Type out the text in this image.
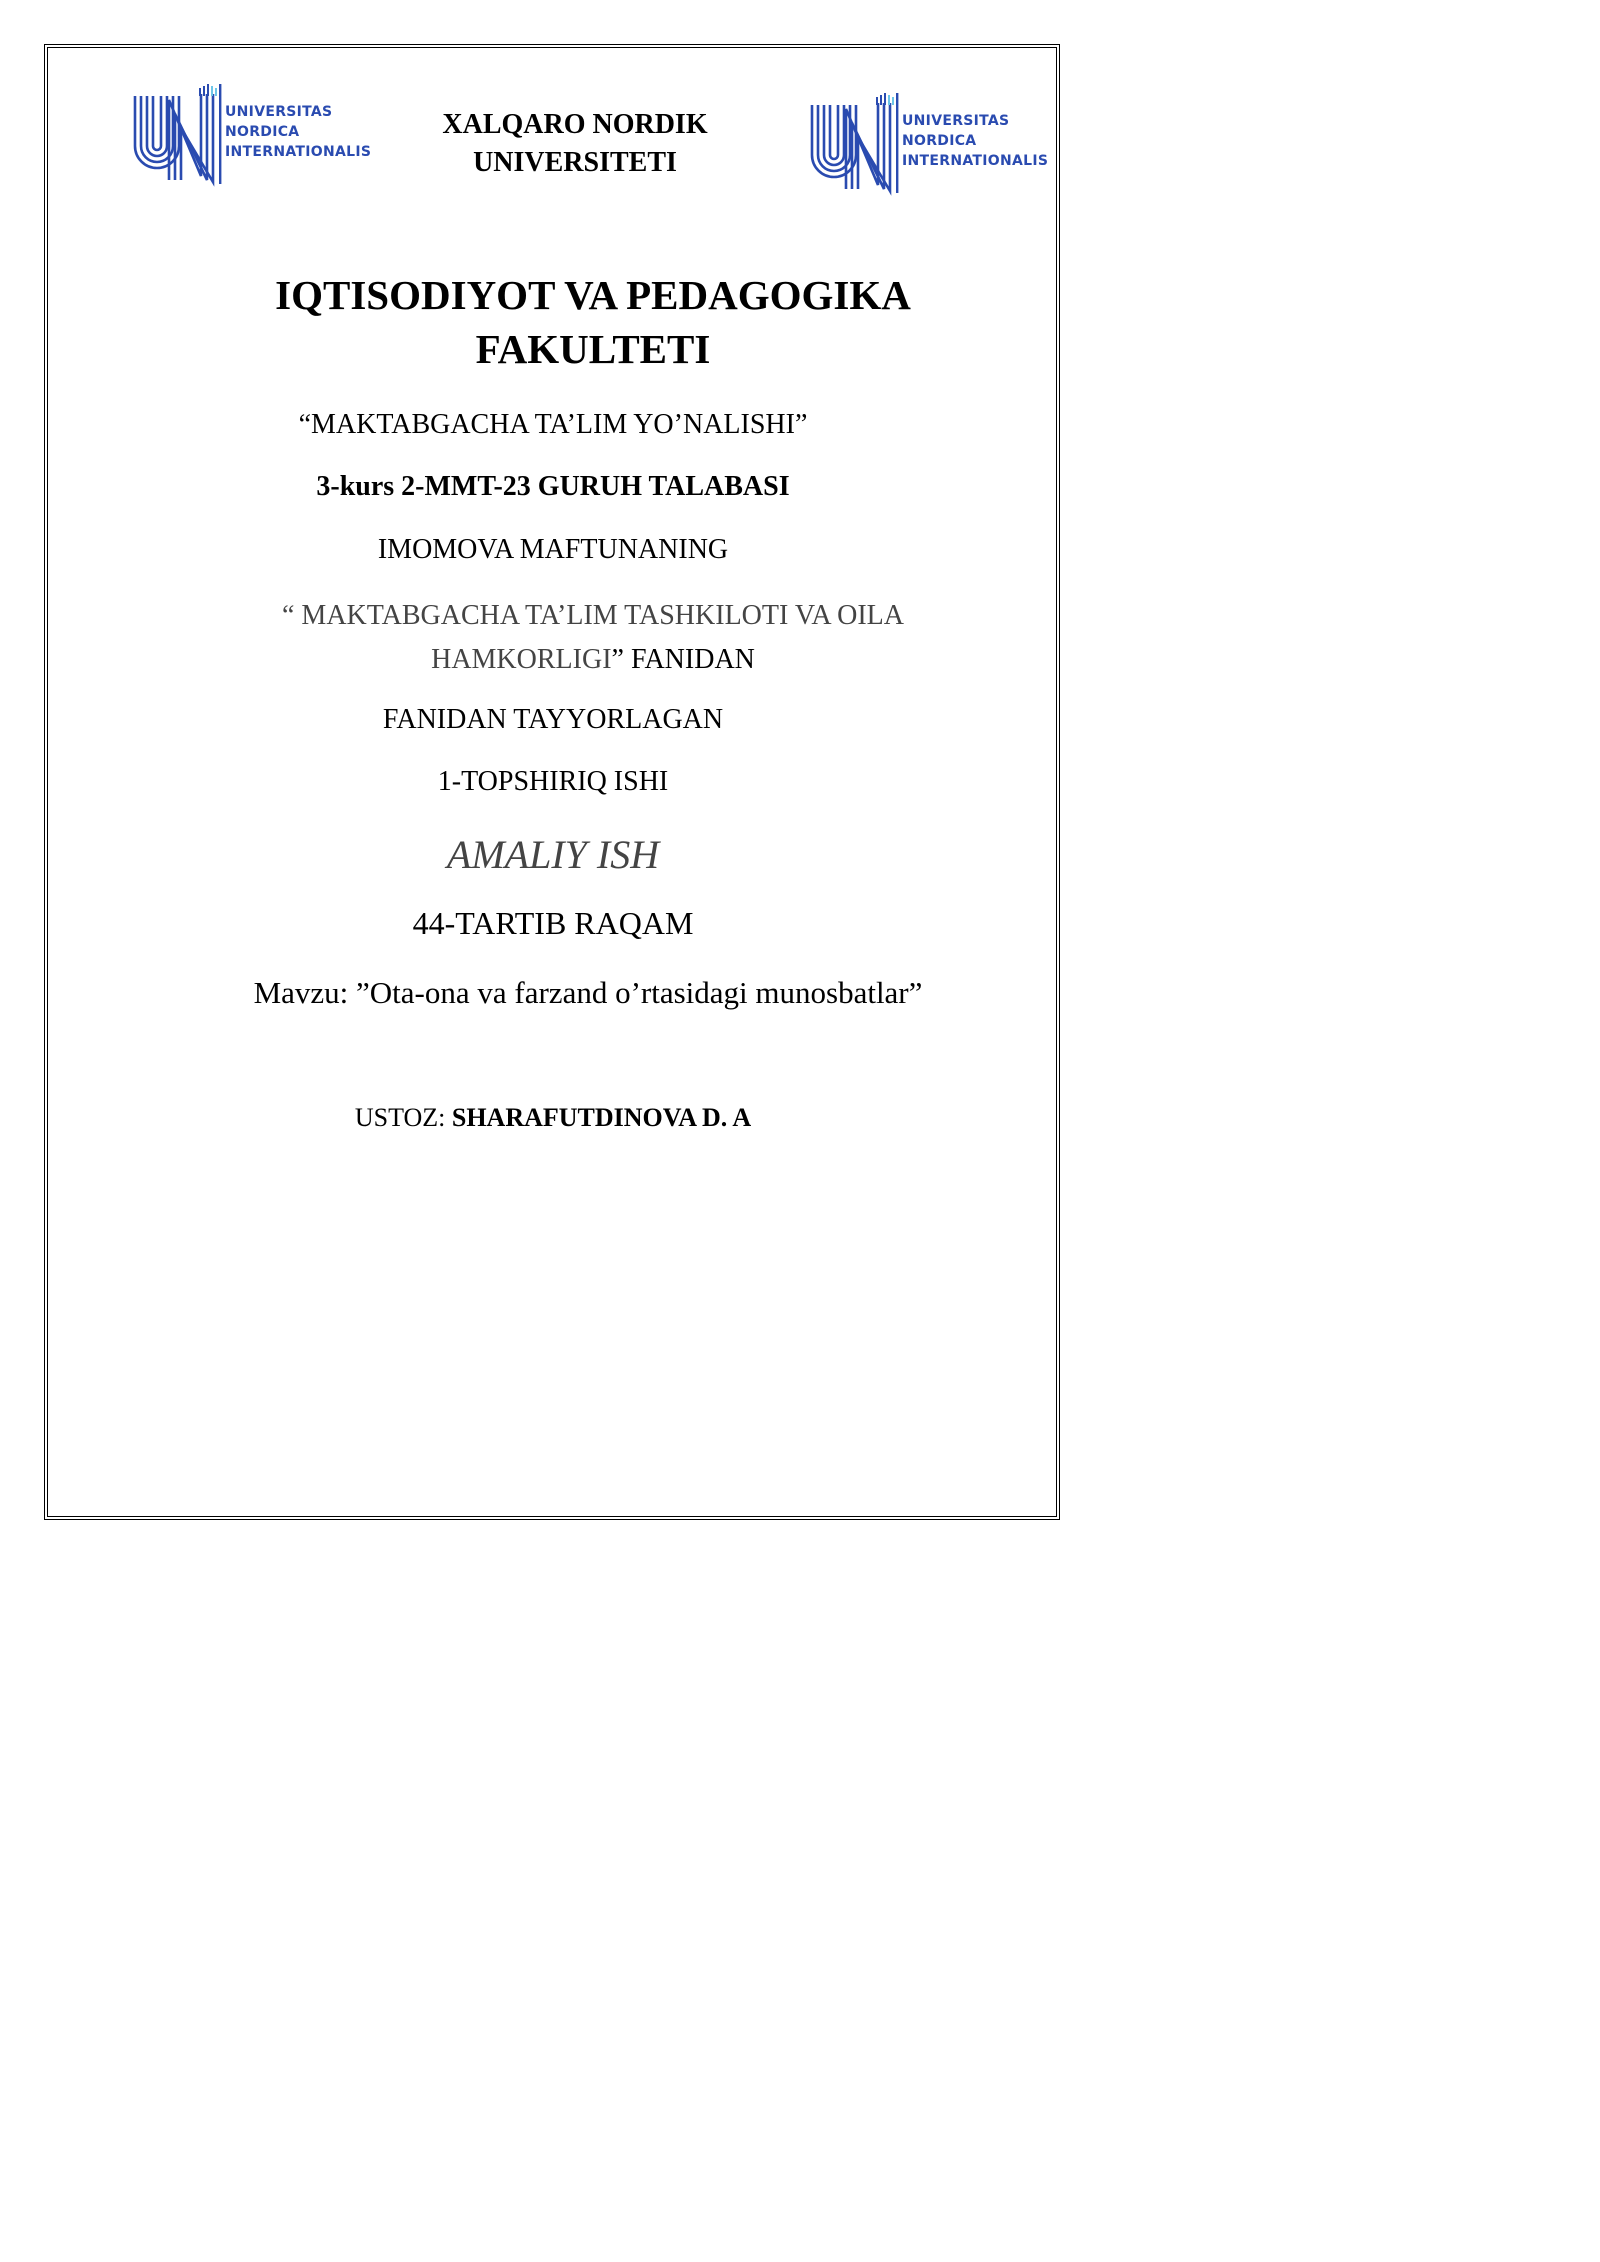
UNIVERSITAS
NORDICA
INTERNATIONALIS
UNIVERSITAS
NORDICA
INTERNATIONALIS
XALQARO NORDIK
UNIVERSITETI
IQTISODIYOT VA PEDAGOGIKA
FAKULTETI
“MAKTABGACHA TA’LIM YO’NALISHI”
3-kurs 2-MMT-23 GURUH TALABASI
IMOMOVA MAFTUNANING
“ MAKTABGACHA TA’LIM TASHKILOTI VA OILA
HAMKORLIGI” FANIDAN
FANIDAN TAYYORLAGAN
1-TOPSHIRIQ ISHI
AMALIY ISH
44-TARTIB RAQAM
Mavzu: ”Ota-ona va farzand o’rtasidagi munosbatlar”
USTOZ: SHARAFUTDINOVA D. A
